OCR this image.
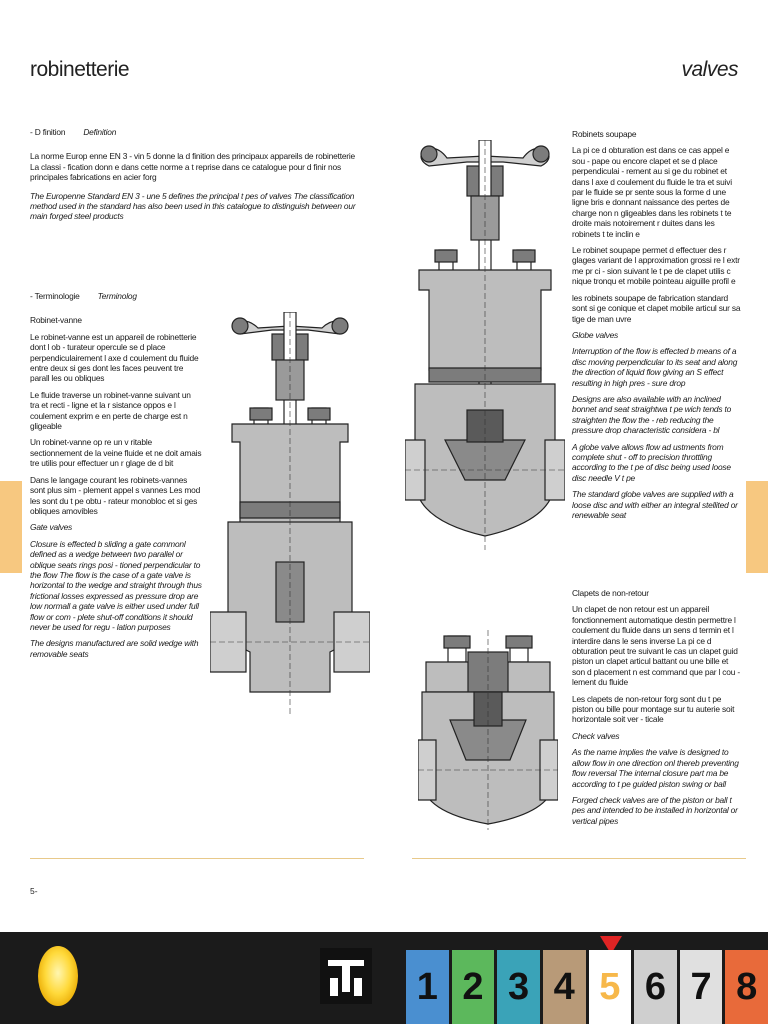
robinetterie	valves

- D finition Definition

La norme Europ enne EN 3 - vin 5 donne la d finition des principaux appareils de robinetterie La classi - fication donn e dans cette norme a t reprise dans ce catalogue pour d finir nos principales fabrications en acier forg

The Europenne Standard EN 3 - une 5 defines the principal t pes of valves The classification method used in the standard has also been used in this catalogue to distinguish between our main forged steel products

- Terminologie Terminolog

Robinet-vanne

Le robinet-vanne est un appareil de robinetterie dont l ob - turateur opercule se d place perpendiculairement l axe d coulement du fluide entre deux si ges dont les faces peuvent tre parall les ou obliques

Le fluide traverse un robinet-vanne suivant un tra et recti - ligne et la r sistance oppos e l coulement exprim e en perte de charge est n gligeable

Un robinet-vanne op re un v ritable sectionnement de la veine fluide et ne doit amais tre utilis pour effectuer un r glage de d bit

Dans le langage courant les robinets-vannes sont plus sim - plement appel s vannes Les mod les sont du t pe obtu - rateur monobloc et si ges obliques amovibles

Gate valves

Closure is effected b sliding a gate commonl defined as a wedge between two parallel or oblique seats rings posi - tioned perpendicular to the flow The flow is the case of a gate valve is horizontal to the wedge and straight through thus frictional losses expressed as pressure drop are low normall a gate valve is either used under full flow or com - plete shut-off conditions it should never be used for regu - lation purposes

The designs manufactured are solid wedge with removable seats

Robinets soupape

La pi ce d obturation est dans ce cas appel e sou - pape ou encore clapet et se d place perpendiculai - rement au si ge du robinet et dans l axe d coulement du fluide le tra et suivi par le fluide se pr sente sous la forme d une ligne bris e donnant naissance des pertes de charge non n gligeables dans les robinets t te droite mais notoirement r duites dans les robinets t te inclin e

Le robinet soupape permet d effectuer des r glages variant de l approximation grossi re l extr me pr ci - sion suivant le t pe de clapet utilis c nique tronqu et mobile pointeau aiguille profil e

les robinets soupape de fabrication standard sont si ge conique et clapet mobile articul sur sa tige de man uvre

Globe valves

Interruption of the flow is effected b means of a disc moving perpendicular to its seat and along the direction of liquid flow giving an S effect resulting in high pres - sure drop

Designs are also available with an inclined bonnet and seat straightwa t pe wich tends to straighten the flow the - reb reducing the pressure drop characteristic considera - bl

A globe valve allows flow ad ustments from complete shut - off to precision throttling according to the t pe of disc being used loose disc needle V t pe

The standard globe valves are supplied with a loose disc and with either an integral stellited or renewable seat

Clapets de non-retour

Un clapet de non retour est un appareil fonctionnement automatique destin permettre l coulement du fluide dans un sens d termin et l interdire dans le sens inverse La pi ce d obturation peut tre suivant le cas un clapet guid piston un clapet articul battant ou une bille et son d placement n est command que par l cou - lement du fluide

Les clapets de non-retour forg sont du t pe piston ou bille pour montage sur tu auterie soit horizontale soit ver - ticale

Check valves

As the name implies the valve is designed to allow flow in one direction onl thereb preventing flow reversal The internal closure part ma be according to t pe guided piston swing or ball

Forged check valves are of the piston or ball t pes and intended to be installed in horizontal or vertical pipes

5-
1 2 3 4 5 6 7 8
